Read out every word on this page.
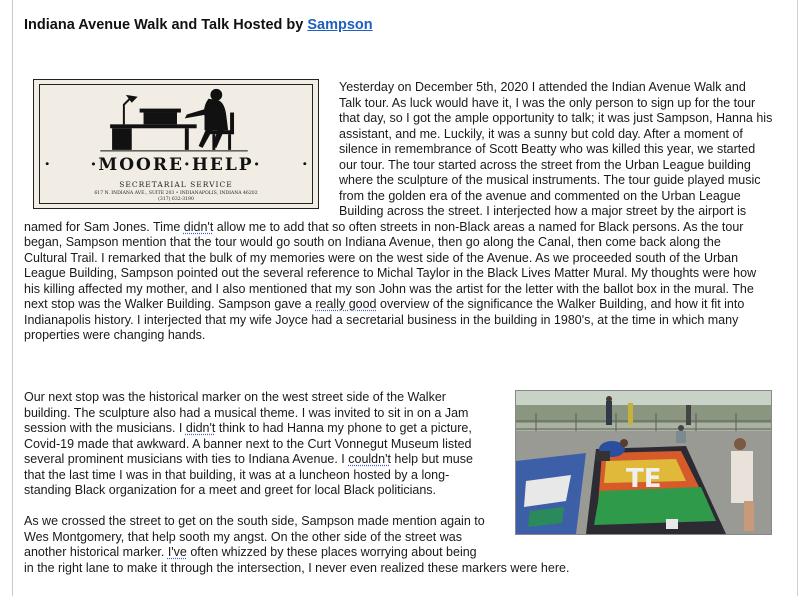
Indiana Avenue Walk and Talk Hosted by Sampson
·MOORE·HELP·
SECRETARIAL SERVICE
617 N. INDIANA AVE., SUITE 203 • INDIANAPOLIS, INDIANA 46202
(317) 632-3190
Yesterday on December 5th, 2020 I attended the Indian Avenue Walk and
Talk tour. As luck would have it, I was the only person to sign up for the tour
that day, so I got the ample opportunity to talk; it was just Sampson, Hanna his
assistant, and me. Luckily, it was a sunny but cold day. After a moment of
silence in remembrance of Scott Beatty who was killed this year, we started
our tour. The tour started across the street from the Urban League building
where the sculpture of the musical instruments. The tour guide played music
from the golden era of the avenue and commented on the Urban League
Building across the street. I interjected how a major street by the airport is
named for Sam Jones. Time didn't allow me to add that so often streets in non-Black areas a named for Black persons. As the tour
began, Sampson mention that the tour would go south on Indiana Avenue, then go along the Canal, then come back along the
Cultural Trail. I remarked that the bulk of my memories were on the west side of the Avenue. As we proceeded south of the Urban
League Building, Sampson pointed out the several reference to Michal Taylor in the Black Lives Matter Mural. My thoughts were how
his killing affected my mother, and I also mentioned that my son John was the artist for the letter with the ballot box in the mural. The
next stop was the Walker Building. Sampson gave a really good overview of the significance the Walker Building, and how it fit into
Indianapolis history. I interjected that my wife Joyce had a secretarial business in the building in 1980's, at the time in which many
properties were changing hands.
Our next stop was the historical marker on the west street side of the Walker
building. The sculpture also had a musical theme. I was invited to sit in on a Jam
session with the musicians. I didn't think to had Hanna my phone to get a picture,
Covid-19 made that awkward. A banner next to the Curt Vonnegut Museum listed
several prominent musicians with ties to Indiana Avenue. I couldn't help but muse
that the last time I was in that building, it was at a luncheon hosted by a long-
standing Black organization for a meet and greet for local Black politicians.
As we crossed the street to get on the south side, Sampson made mention again to
Wes Montgomery, that help sooth my angst. On the other side of the street was
another historical marker. I've often whizzed by these places worrying about being
in the right lane to make it through the intersection, I never even realized these markers were here.
TE
